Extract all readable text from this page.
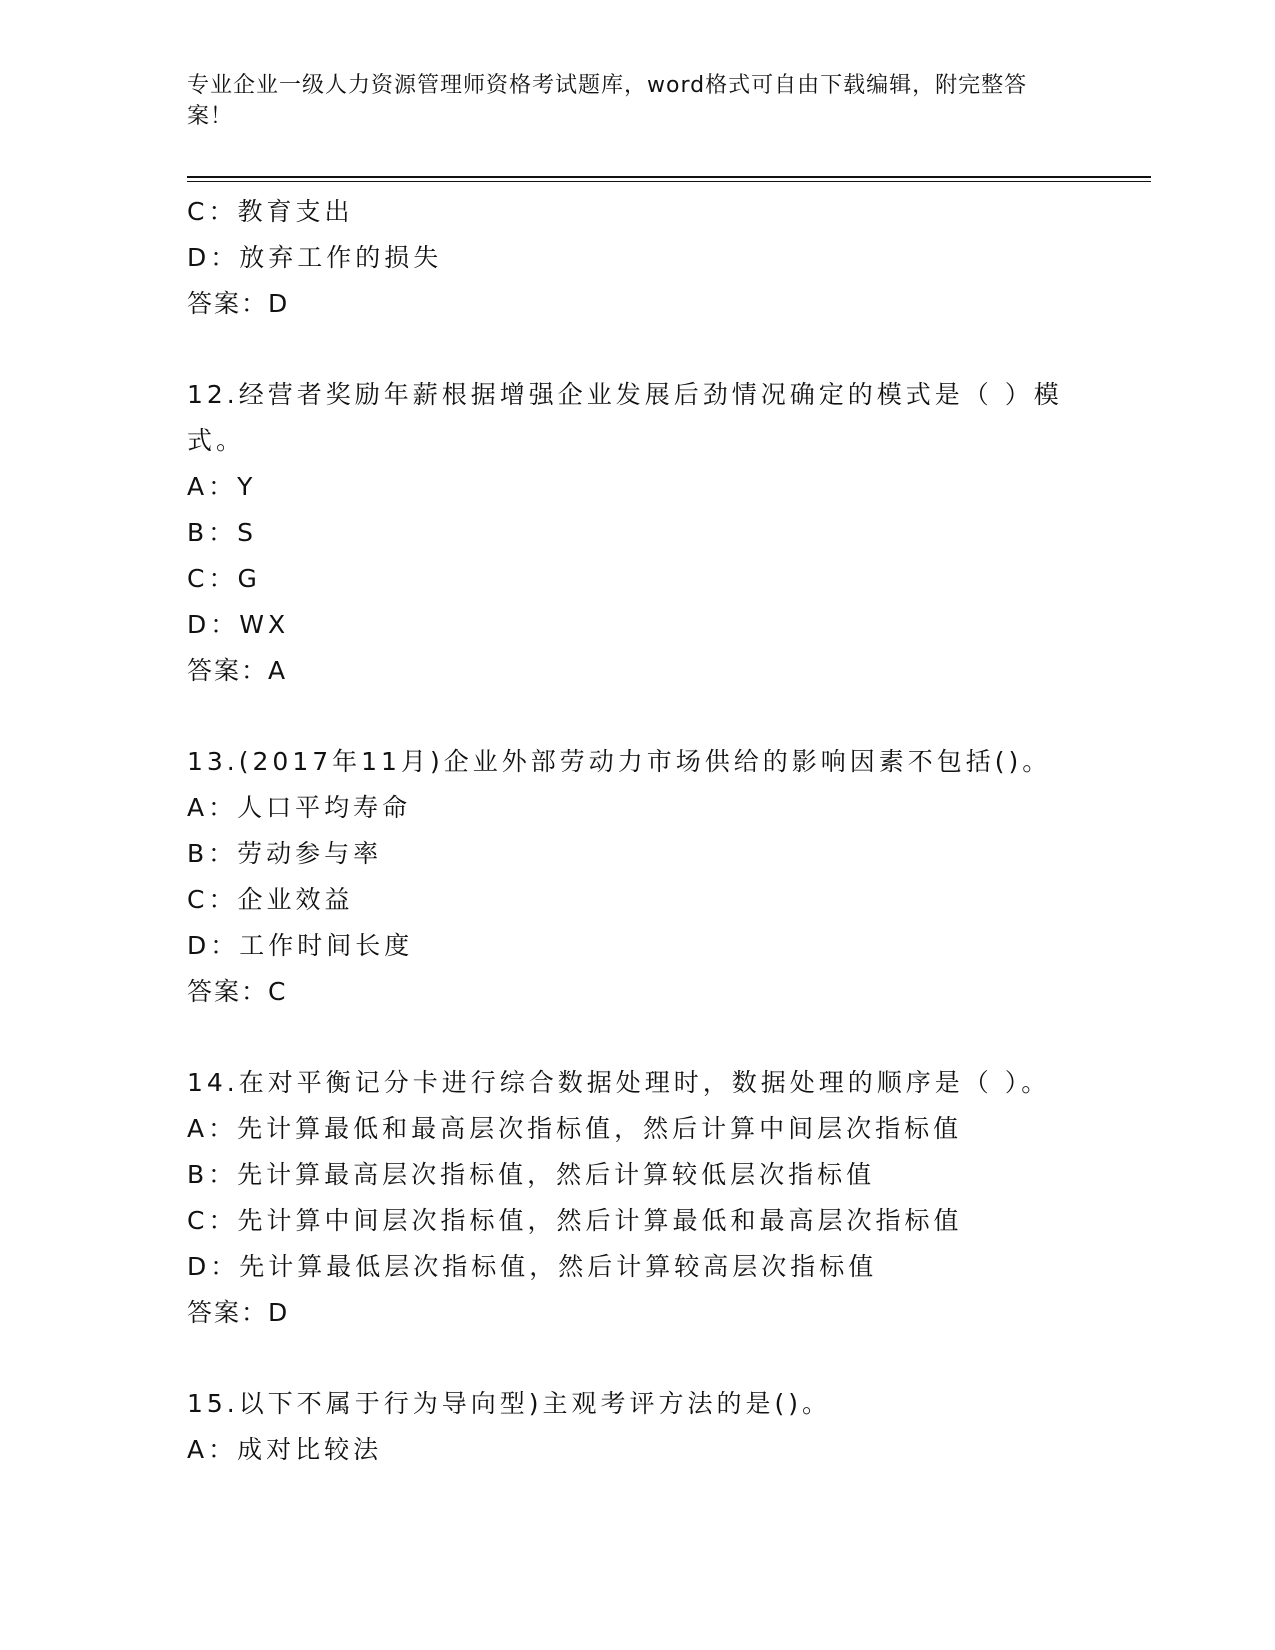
专业企业一级人力资源管理师资格考试题库，word格式可自由下载编辑，附完整答案！
C：教育支出
D：放弃工作的损失
答案：D
12.经营者奖励年薪根据增强企业发展后劲情况确定的模式是（ ）模式。
A：Y
B：S
C：G
D：WX
答案：A
13.(2017年11月)企业外部劳动力市场供给的影响因素不包括()。
A：人口平均寿命
B：劳动参与率
C：企业效益
D：工作时间长度
答案：C
14.在对平衡记分卡进行综合数据处理时，数据处理的顺序是（ ）。
A：先计算最低和最高层次指标值，然后计算中间层次指标值
B：先计算最高层次指标值，然后计算较低层次指标值
C：先计算中间层次指标值，然后计算最低和最高层次指标值
D：先计算最低层次指标值，然后计算较高层次指标值
答案：D
15.以下不属于行为导向型)主观考评方法的是()。
A：成对比较法
